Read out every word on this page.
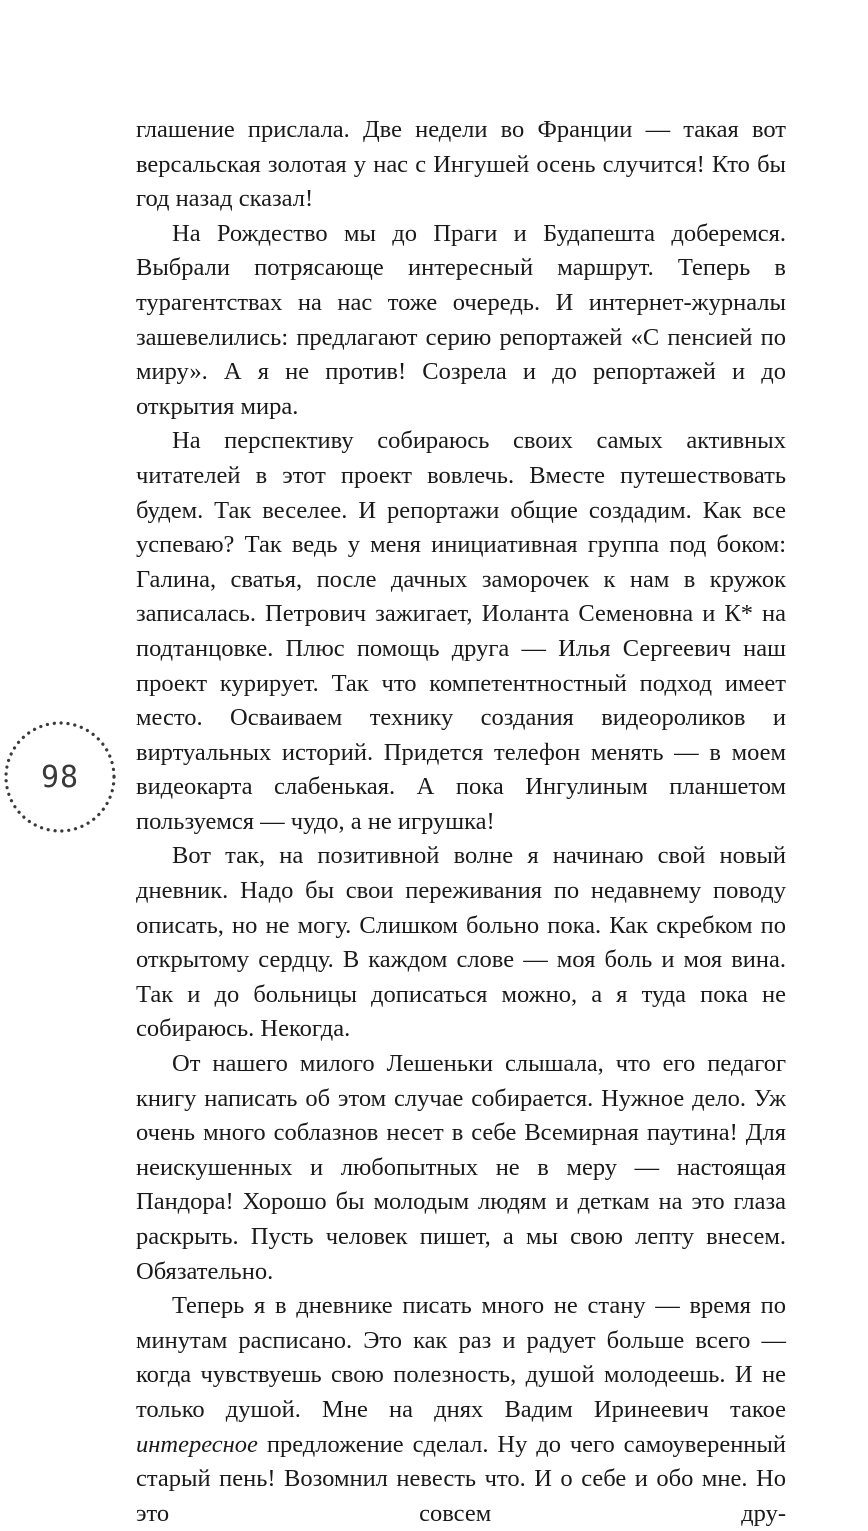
глашение прислала. Две недели во Франции — такая вот версальская золотая у нас с Ингушей осень случится! Кто бы год назад сказал!

На Рождество мы до Праги и Будапешта доберемся. Выбрали потрясающе интересный маршрут. Теперь в турагентствах на нас тоже очередь. И интернет-журналы зашевелились: предлагают серию репортажей «С пенсией по миру». А я не против! Созрела и до репортажей и до открытия мира.

На перспективу собираюсь своих самых активных читателей в этот проект вовлечь. Вместе путешествовать будем. Так веселее. И репортажи общие создадим. Как все успеваю? Так ведь у меня инициативная группа под боком: Галина, сватья, после дачных заморочек к нам в кружок записалась. Петрович зажигает, Иоланта Семеновна и К* на подтанцовке. Плюс помощь друга — Илья Сергеевич наш проект курирует. Так что компетентностный подход имеет место. Осваиваем технику создания видеороликов и виртуальных историй. Придется телефон менять — в моем видеокарта слабенькая. А пока Ингулиным планшетом пользуемся — чудо, а не игрушка!

Вот так, на позитивной волне я начинаю свой новый дневник. Надо бы свои переживания по недавнему поводу описать, но не могу. Слишком больно пока. Как скребком по открытому сердцу. В каждом слове — моя боль и моя вина. Так и до больницы дописаться можно, а я туда пока не собираюсь. Некогда.

От нашего милого Лешеньки слышала, что его педагог книгу написать об этом случае собирается. Нужное дело. Уж очень много соблазнов несет в себе Всемирная паутина! Для неискушенных и любопытных не в меру — настоящая Пандора! Хорошо бы молодым людям и деткам на это глаза раскрыть. Пусть человек пишет, а мы свою лепту внесем. Обязательно.

Теперь я в дневнике писать много не стану — время по минутам расписано. Это как раз и радует больше всего — когда чувствуешь свою полезность, душой молодеешь. И не только душой. Мне на днях Вадим Иринеевич такое интересное предложение сделал. Ну до чего самоуверенный старый пень! Возомнил невесть что. И о себе и обо мне. Но это совсем дру-

98
